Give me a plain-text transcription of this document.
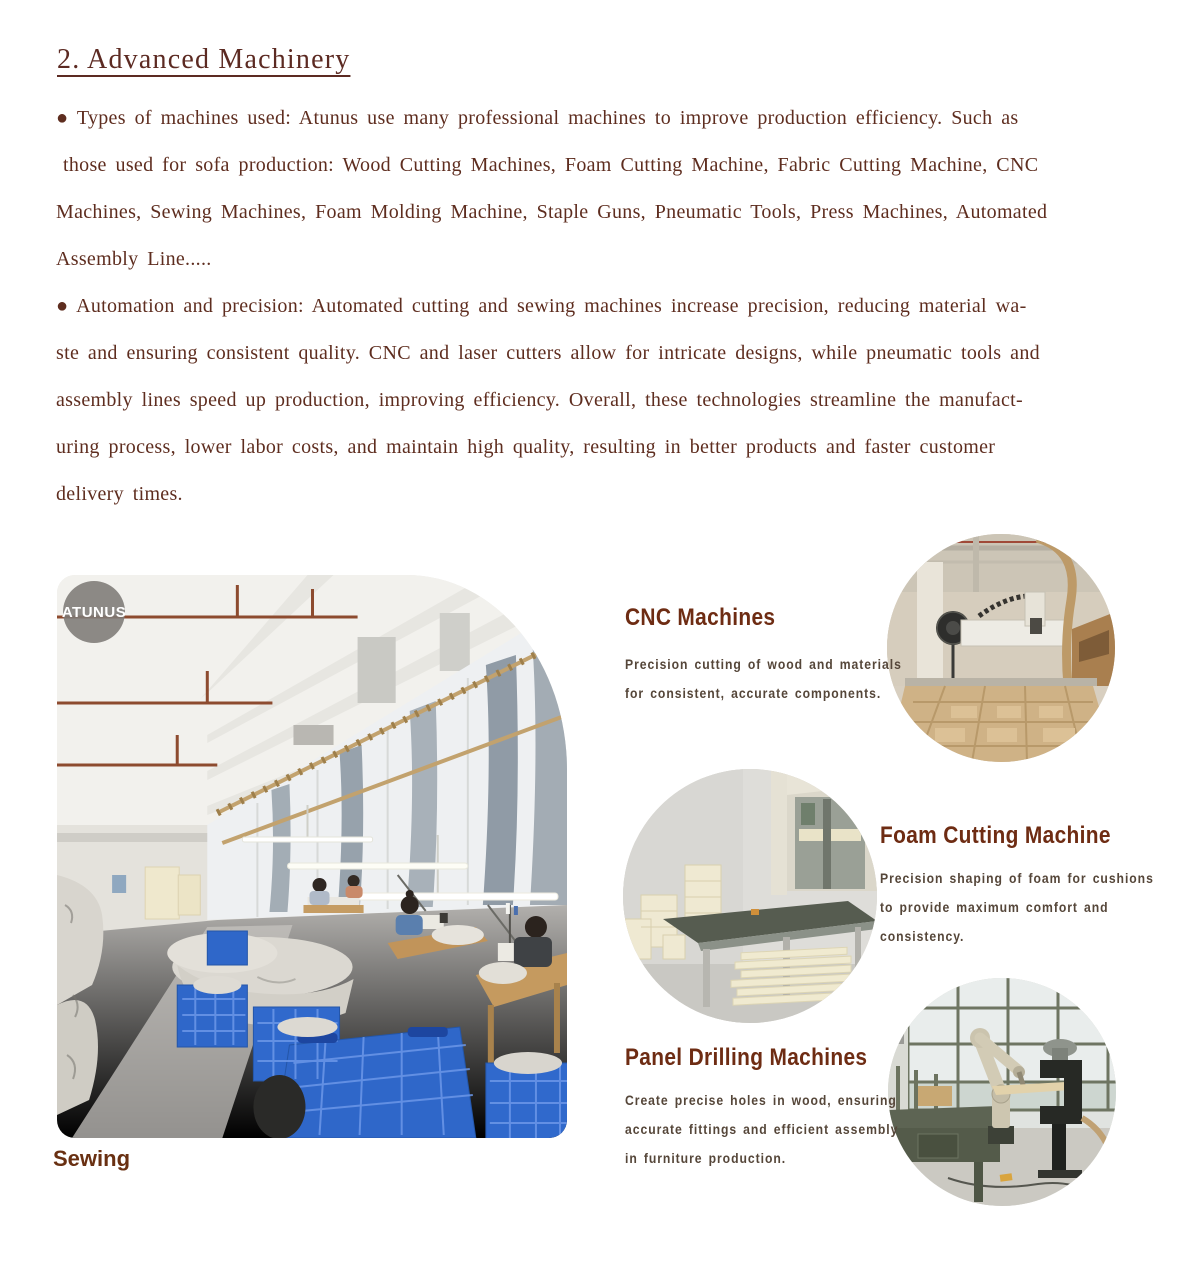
2. Advanced Machinery
● Types of machines used: Atunus use many professional machines to improve production efficiency. Such as
those used for sofa production: Wood Cutting Machines, Foam Cutting Machine, Fabric Cutting Machine, CNC
Machines, Sewing Machines, Foam Molding Machine, Staple Guns, Pneumatic Tools, Press Machines, Automated
Assembly Line.....
● Automation and precision: Automated cutting and sewing machines increase precision, reducing material wa-
ste and ensuring consistent quality. CNC and laser cutters allow for intricate designs, while pneumatic tools and
assembly lines speed up production, improving efficiency. Overall, these technologies streamline the manufact-
uring process, lower labor costs, and maintain high quality, resulting in better products and faster customer
delivery times.
ATUNUS
Sewing
CNC Machines
Precision cutting of wood and materials
for consistent, accurate components.
Foam Cutting Machine
Precision shaping of foam for cushions
to provide maximum comfort and
consistency.
Panel Drilling Machines
Create precise holes in wood, ensuring
accurate fittings and efficient assembly
in furniture production.
